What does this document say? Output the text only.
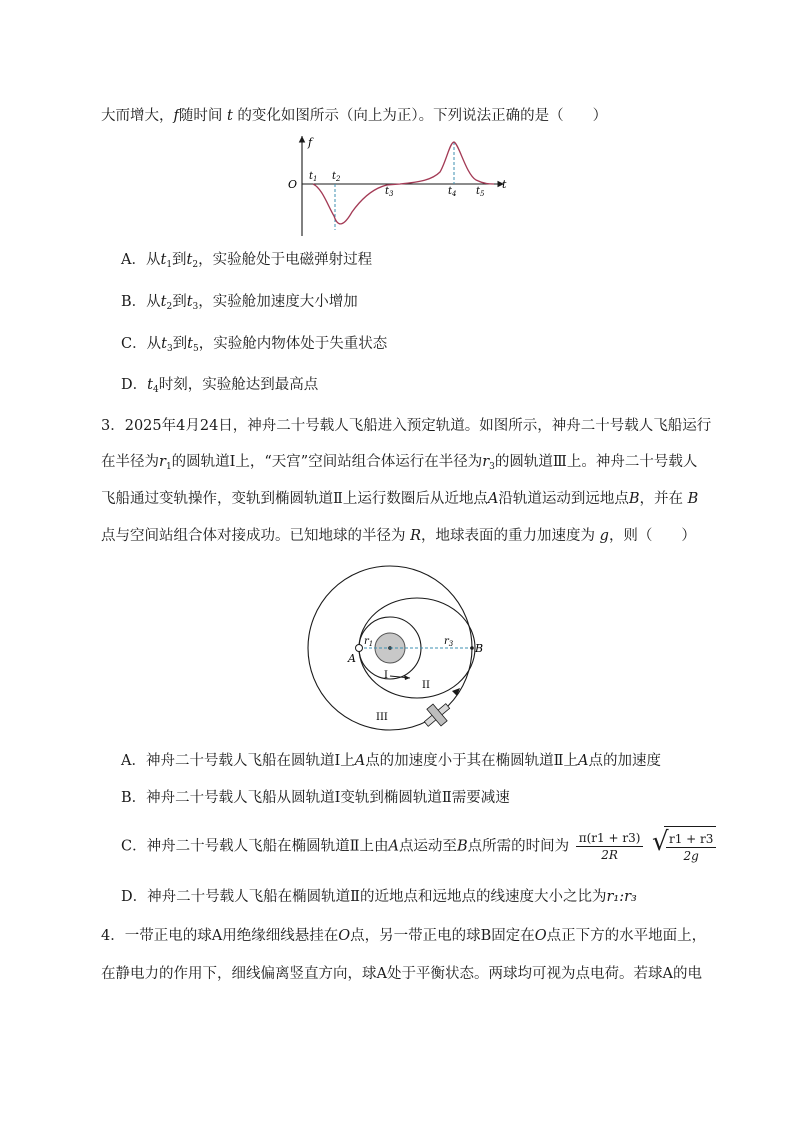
大而增大，f随时间 t 的变化如图所示（向上为正）。下列说法正确的是（　　）
f
O	t
$t_1$ $t_2$
$t_3$	$t_4$ $t_5$
A．从$t_1$到$t_2$，实验舱处于电磁弹射过程
B．从$t_2$到$t_3$，实验舱加速度大小增加
C．从$t_3$到$t_5$，实验舱内物体处于失重状态
D．$t_4$时刻，实验舱达到最高点
3．2025年4月24日，神舟二十号载人飞船进入预定轨道。如图所示，神舟二十号载人飞船运行
在半径为$r_1$的圆轨道Ⅰ上，“天宫”空间站组合体运行在半径为$r_3$的圆轨道Ⅲ上。神舟二十号载人
飞船通过变轨操作，变轨到椭圆轨道Ⅱ上运行数圈后从近地点A沿轨道运动到远地点B，并在 B
点与空间站组合体对接成功。已知地球的半径为 R，地球表面的重力加速度为 g，则（　　）
$r_1$	$r_3$
A
B
I
II
III
A．神舟二十号载人飞船在圆轨道Ⅰ上A点的加速度小于其在椭圆轨道Ⅱ上A点的加速度
B．神舟二十号载人飞船从圆轨道Ⅰ变轨到椭圆轨道Ⅱ需要减速
C．神舟二十号载人飞船在椭圆轨道Ⅱ上由A点运动至B点所需的时间为 $\frac{\pi(r1 + r3)}{2R}$
√
$\frac{r1 + r3}{2g}$
D．神舟二十号载人飞船在椭圆轨道Ⅱ的近地点和远地点的线速度大小之比为r₁:r₃
4．一带正电的球A用绝缘细线悬挂在O点，另一带正电的球B固定在O点正下方的水平地面上，
在静电力的作用下，细线偏离竖直方向，球A处于平衡状态。两球均可视为点电荷。若球A的电
